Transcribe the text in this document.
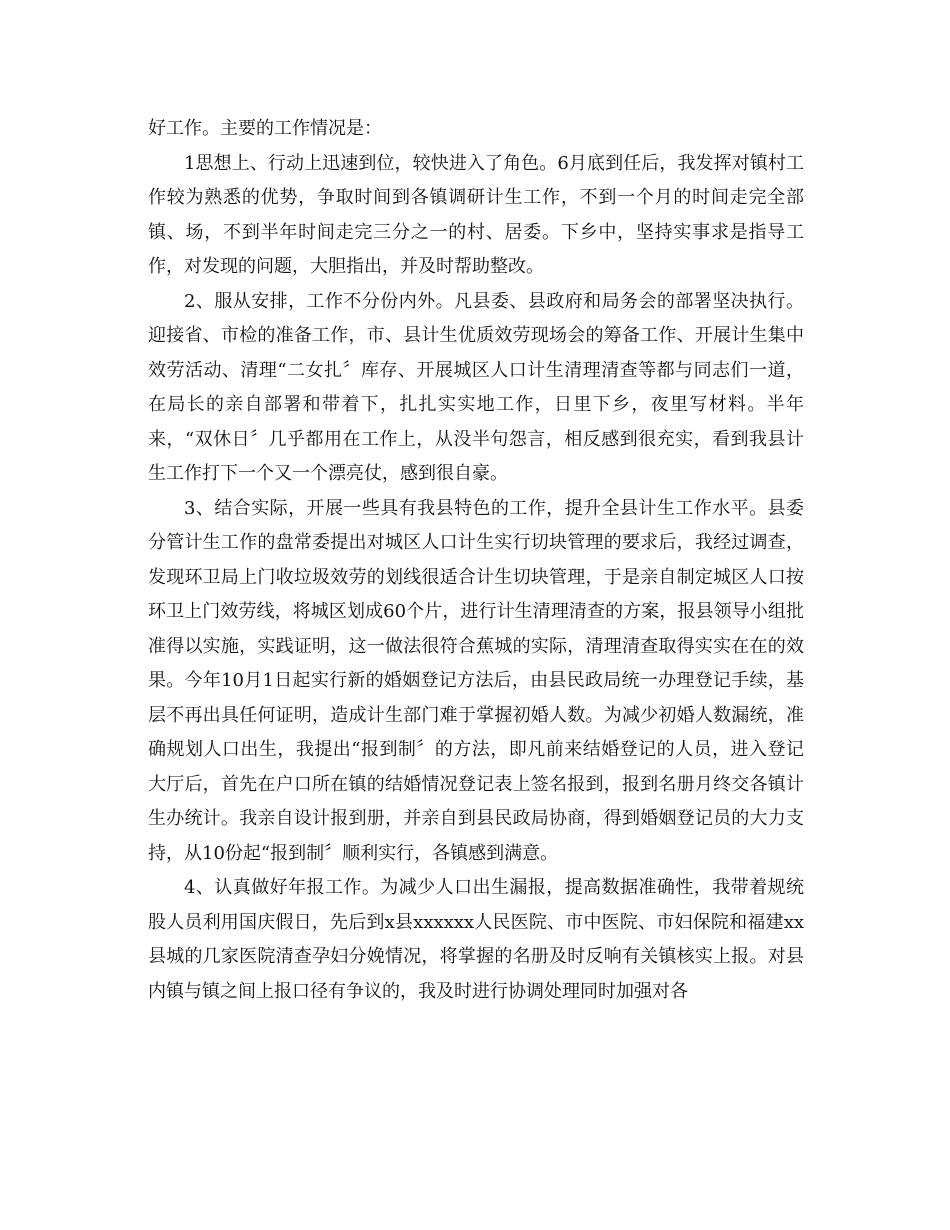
好工作。主要的工作情况是：

1思想上、行动上迅速到位，较快进入了角色。6月底到任后，我发挥对镇村工作较为熟悉的优势，争取时间到各镇调研计生工作，不到一个月的时间走完全部镇、场，不到半年时间走完三分之一的村、居委。下乡中，坚持实事求是指导工作，对发现的问题，大胆指出，并及时帮助整改。

2、服从安排，工作不分份内外。凡县委、县政府和局务会的部署坚决执行。迎接省、市检的准备工作，市、县计生优质效劳现场会的筹备工作、开展计生集中效劳活动、清理“二女扎〞库存、开展城区人口计生清理清查等都与同志们一道，在局长的亲自部署和带着下，扎扎实实地工作，日里下乡，夜里写材料。半年来，“双休日〞几乎都用在工作上，从没半句怨言，相反感到很充实，看到我县计生工作打下一个又一个漂亮仗，感到很自豪。

3、结合实际，开展一些具有我县特色的工作，提升全县计生工作水平。县委分管计生工作的盘常委提出对城区人口计生实行切块管理的要求后，我经过调查，发现环卫局上门收垃圾效劳的划线很适合计生切块管理，于是亲自制定城区人口按环卫上门效劳线，将城区划成60个片，进行计生清理清查的方案，报县领导小组批准得以实施，实践证明，这一做法很符合蕉城的实际，清理清查取得实实在在的效果。今年10月1日起实行新的婚姻登记方法后，由县民政局统一办理登记手续，基层不再出具任何证明，造成计生部门难于掌握初婚人数。为减少初婚人数漏统，准确规划人口出生，我提出“报到制〞的方法，即凡前来结婚登记的人员，进入登记大厅后，首先在户口所在镇的结婚情况登记表上签名报到，报到名册月终交各镇计生办统计。我亲自设计报到册，并亲自到县民政局协商，得到婚姻登记员的大力支持，从10份起“报到制〞顺利实行，各镇感到满意。

4、认真做好年报工作。为减少人口出生漏报，提高数据准确性，我带着规统股人员利用国庆假日，先后到x县xxxxxx人民医院、市中医院、市妇保院和福建xx县城的几家医院清查孕妇分娩情况，将掌握的名册及时反响有关镇核实上报。对县内镇与镇之间上报口径有争议的，我及时进行协调处理同时加强对各
